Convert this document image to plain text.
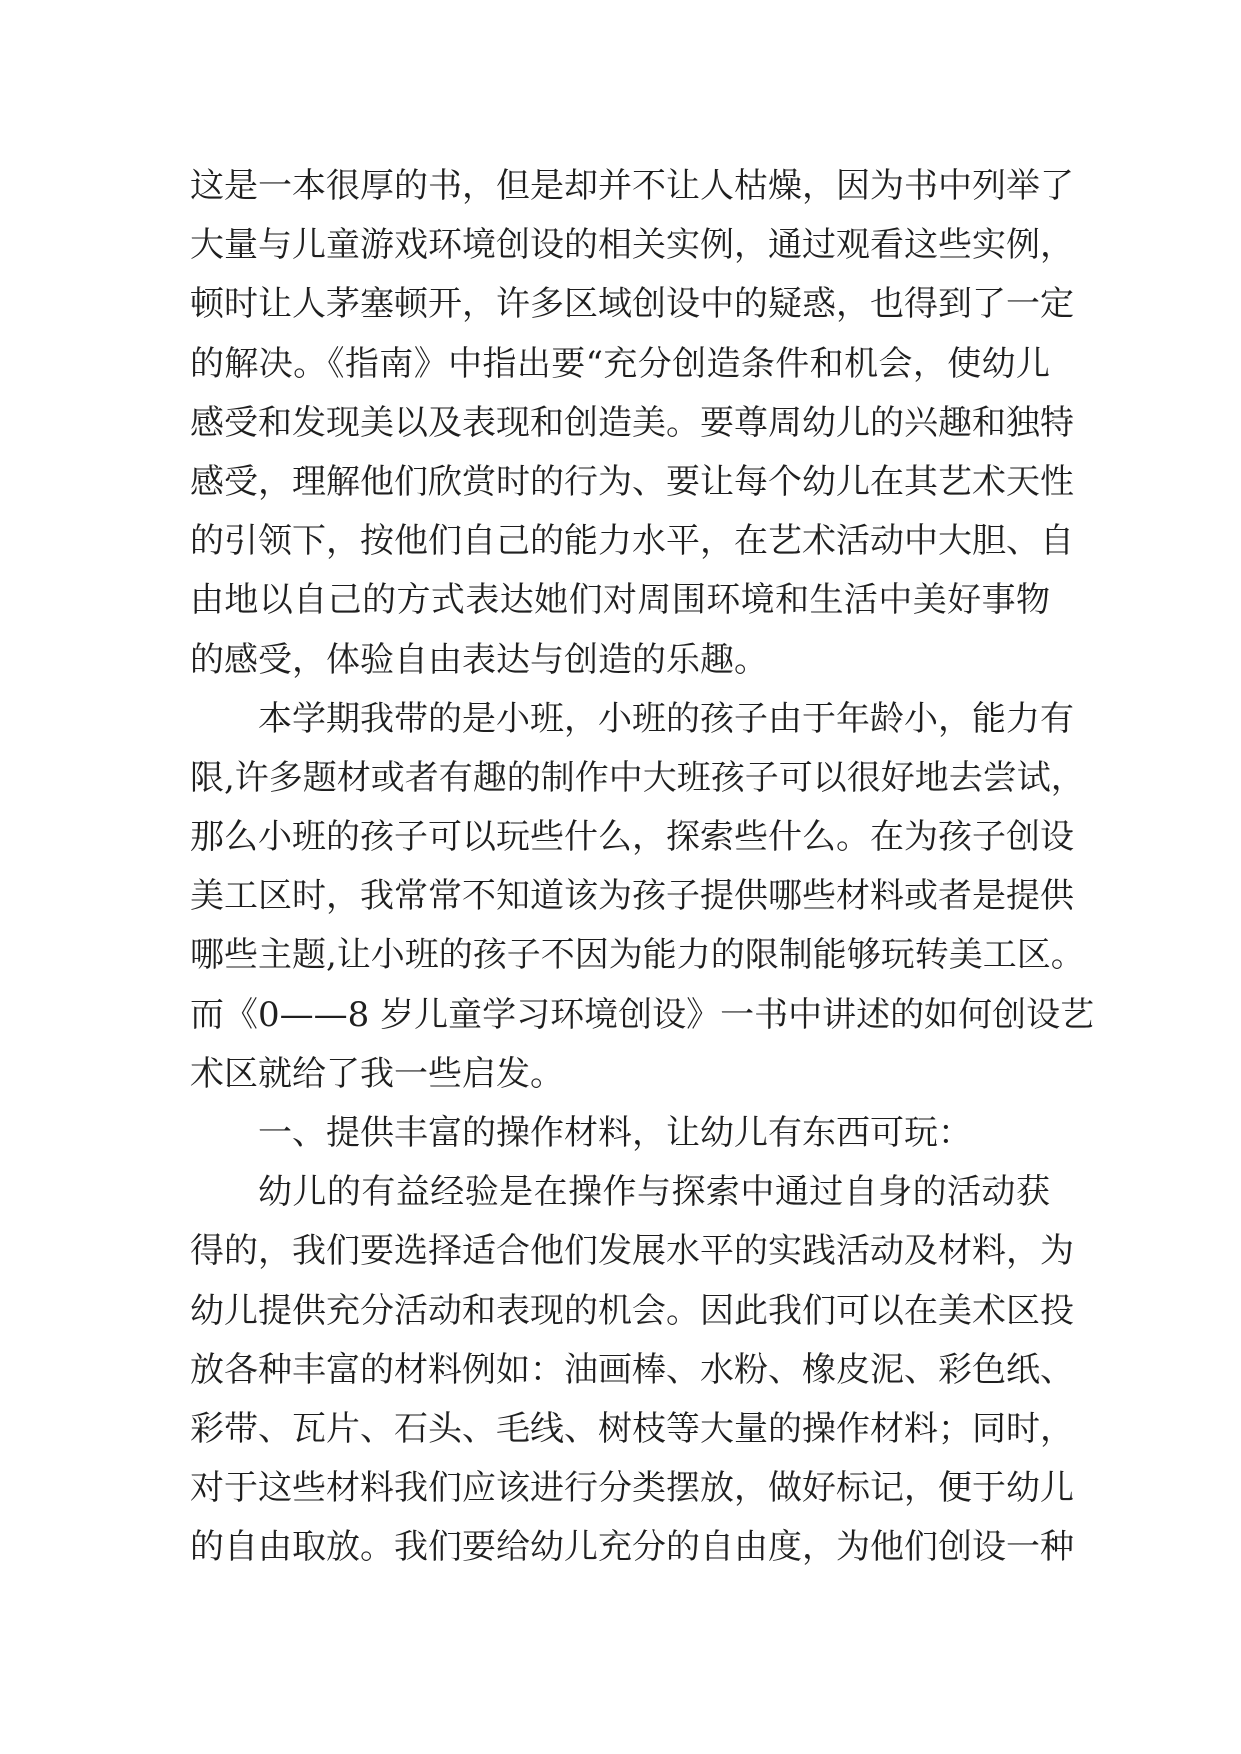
这是一本很厚的书，但是却并不让人枯燥，因为书中列举了
大量与儿童游戏环境创设的相关实例，通过观看这些实例，
顿时让人茅塞顿开，许多区域创设中的疑惑，也得到了一定
的解决。《指南》中指出要“充分创造条件和机会，使幼儿
感受和发现美以及表现和创造美。要尊周幼儿的兴趣和独特
感受，理解他们欣赏时的行为、要让每个幼儿在其艺术天性
的引领下，按他们自己的能力水平，在艺术活动中大胆、自
由地以自己的方式表达她们对周围环境和生活中美好事物
的感受，体验自由表达与创造的乐趣。
本学期我带的是小班，小班的孩子由于年龄小，能力有
限,许多题材或者有趣的制作中大班孩子可以很好地去尝试，
那么小班的孩子可以玩些什么，探索些什么。在为孩子创设
美工区时，我常常不知道该为孩子提供哪些材料或者是提供
哪些主题,让小班的孩子不因为能力的限制能够玩转美工区。
而《0——8 岁儿童学习环境创设》一书中讲述的如何创设艺
术区就给了我一些启发。
一、提供丰富的操作材料，让幼儿有东西可玩：
幼儿的有益经验是在操作与探索中通过自身的活动获
得的，我们要选择适合他们发展水平的实践活动及材料，为
幼儿提供充分活动和表现的机会。因此我们可以在美术区投
放各种丰富的材料例如：油画棒、水粉、橡皮泥、彩色纸、
彩带、瓦片、石头、毛线、树枝等大量的操作材料；同时，
对于这些材料我们应该进行分类摆放，做好标记，便于幼儿
的自由取放。我们要给幼儿充分的自由度，为他们创设一种
